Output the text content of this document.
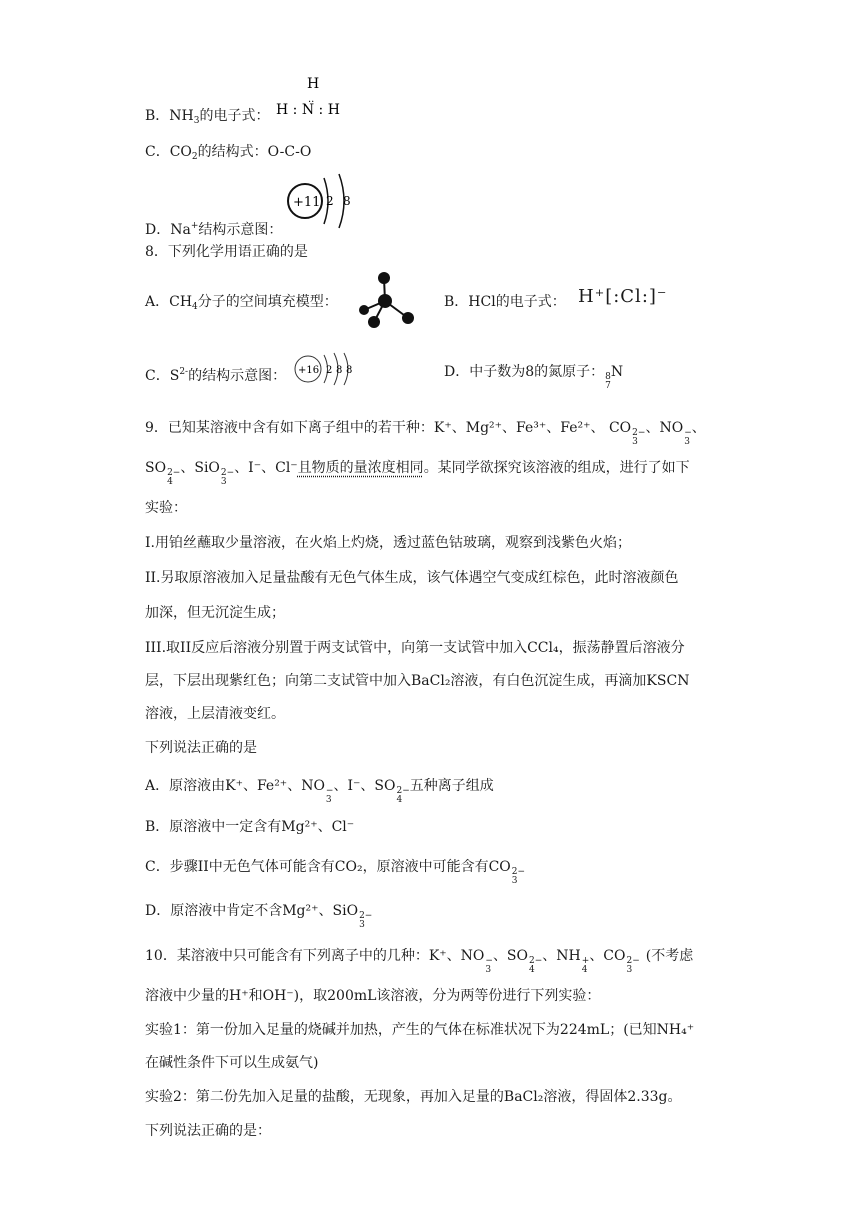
B．$NH_3$的电子式：
H
H : N : H
..
C．$CO_2$的结构式：O-C-O
D．Na+结构示意图：
+11 2 8
8．下列化学用语正确的是
A．$CH_4$分子的空间填充模型：	B．HCl的电子式： H⁺[:Cl:]⁻
C．$S^{2-}$的结构示意图： +16 2 8 8	D．中子数为8的氮原子： 8
7
N
9．已知某溶液中含有如下离子组中的若干种：K⁺、Mg²⁺、Fe³⁺、Fe²⁺、 CO 2−
3
、NO −
3
、
SO 2−
4
、SiO 2−
3
、I⁻、Cl⁻且物质的量浓度相同。某同学欲探究该溶液的组成，进行了如下
实验：
I.用铂丝蘸取少量溶液，在火焰上灼烧，透过蓝色钴玻璃，观察到浅紫色火焰；
II.另取原溶液加入足量盐酸有无色气体生成，该气体遇空气变成红棕色，此时溶液颜色
加深，但无沉淀生成；
III.取II反应后溶液分别置于两支试管中，向第一支试管中加入CCl₄，振荡静置后溶液分
层，下层出现紫红色；向第二支试管中加入BaCl₂溶液，有白色沉淀生成，再滴加KSCN
溶液，上层清液变红。
下列说法正确的是
A．原溶液由K⁺、Fe²⁺、NO −
3
、I⁻、SO 2−
4
五种离子组成
B．原溶液中一定含有Mg²⁺、Cl⁻
C．步骤II中无色气体可能含有CO₂，原溶液中可能含有CO 2−
3
D．原溶液中肯定不含Mg²⁺、SiO 2−
3
10．某溶液中只可能含有下列离子中的几种：K⁺、NO −
3
、SO 2−
4
、NH +
4
、CO 2−
3
(不考虑
溶液中少量的H⁺和OH⁻)，取200mL该溶液，分为两等份进行下列实验：
实验1：第一份加入足量的烧碱并加热，产生的气体在标准状况下为224mL；(已知NH₄⁺
在碱性条件下可以生成氨气)
实验2：第二份先加入足量的盐酸，无现象，再加入足量的BaCl₂溶液，得固体2.33g。
下列说法正确的是：
